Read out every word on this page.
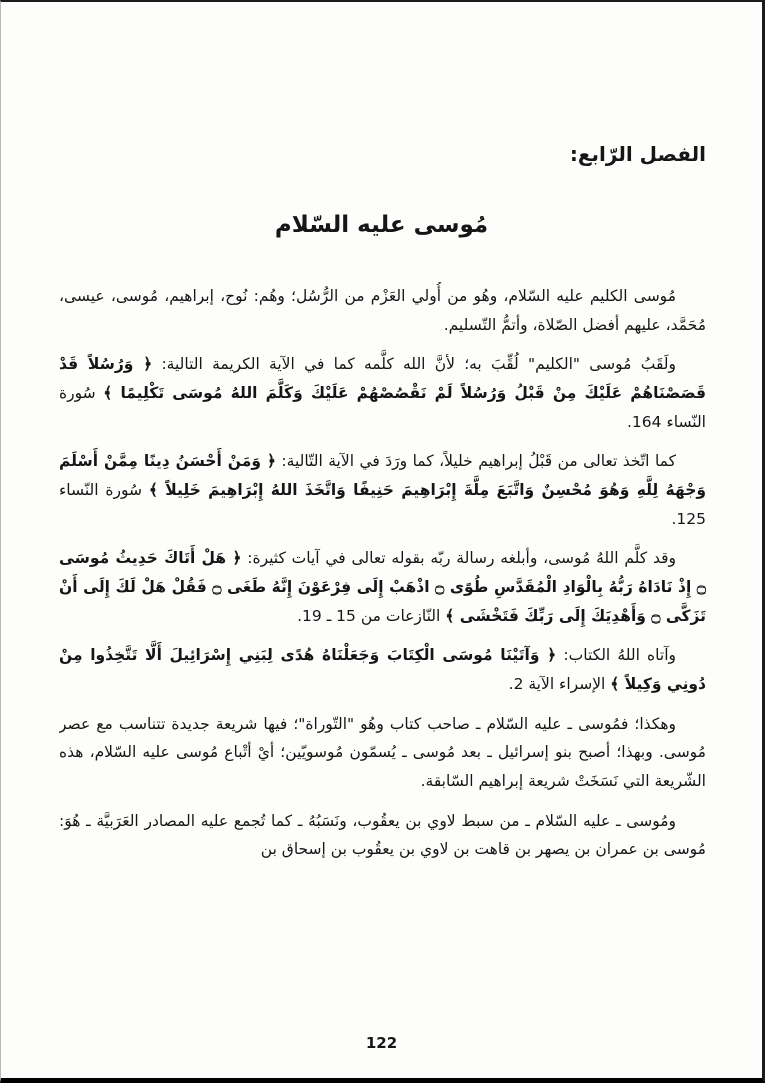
الفصل الرّابع:
مُوسى عليه السّلام

مُوسى الكليم عليه السّلام، وهُو من أُولي العَزْم من الرُّسُل؛ وهُم: نُوح، إبراهيم، مُوسى، عيسى، مُحَمَّد، عليهم أفضل الصّلاة، وأتمُّ التّسليم.

ولَقَبُ مُوسى "الكليم" لُقِّبَ به؛ لأنَّ الله كلَّمه كما في الآية الكريمة التالية: ﴿ وَرُسُلاً قَدْ قَصَصْنَاهُمْ عَلَيْكَ مِنْ قَبْلُ وَرُسُلاً لَمْ نَقْصُصْهُمْ عَلَيْكَ وَكَلَّمَ اللهُ مُوسَى تَكْلِيمًا ﴾ سُورة النّساء 164.

كما اتّخذ تعالى من قَبْلُ إبراهيم خليلاً، كما ورَدَ في الآية التّالية: ﴿ وَمَنْ أَحْسَنُ دِينًا مِمَّنْ أَسْلَمَ وَجْهَهُ لِلَّهِ وَهُوَ مُحْسِنٌ وَاتَّبَعَ مِلَّةَ إِبْرَاهِيمَ حَنِيفًا وَاتَّخَذَ اللهُ إِبْرَاهِيمَ خَلِيلاً ﴾ سُورة النّساء 125.

وقد كلَّم اللهُ مُوسى، وأبلغه رسالة ربّه بقوله تعالى في آيات كثيرة: ﴿ هَلْ أَتَاكَ حَدِيثُ مُوسَى ۝ إِذْ نَادَاهُ رَبُّهُ بِالْوَادِ الْمُقَدَّسِ طُوًى ۝ اذْهَبْ إِلَى فِرْعَوْنَ إِنَّهُ طَغَى ۝ فَقُلْ هَلْ لَكَ إِلَى أَنْ تَزَكَّى ۝ وَأَهْدِيَكَ إِلَى رَبِّكَ فَتَخْشَى ﴾ النّازعات من 15 ـ 19.

وآتاه اللهُ الكتاب: ﴿ وَآتَيْنَا مُوسَى الْكِتَابَ وَجَعَلْنَاهُ هُدًى لِبَنِي إِسْرَائِيلَ أَلَّا تَتَّخِذُوا مِنْ دُونِي وَكِيلاً ﴾ الإسراء الآية 2.

وهكذا؛ فمُوسى ـ عليه السّلام ـ صاحب كتاب وهُو "التّوراة"؛ فيها شريعة جديدة تتناسب مع عصر مُوسى. وبهذا؛ أصبح بنو إسرائيل ـ بعد مُوسى ـ يُسمّون مُوسويّين؛ أيْ أتْباع مُوسى عليه السّلام، هذه الشّريعة التي نَسَخَتْ شريعة إبراهيم السّابقة.

ومُوسى ـ عليه السّلام ـ من سبط لاوي بن يعقُوب، ونَسَبُهُ ـ كما تُجمع عليه المصادر العَرَبيَّة ـ هُوَ: مُوسى بن عمران بن يصهر بن قاهت بن لاوي بن يعقُوب بن إسحاق بن

122
